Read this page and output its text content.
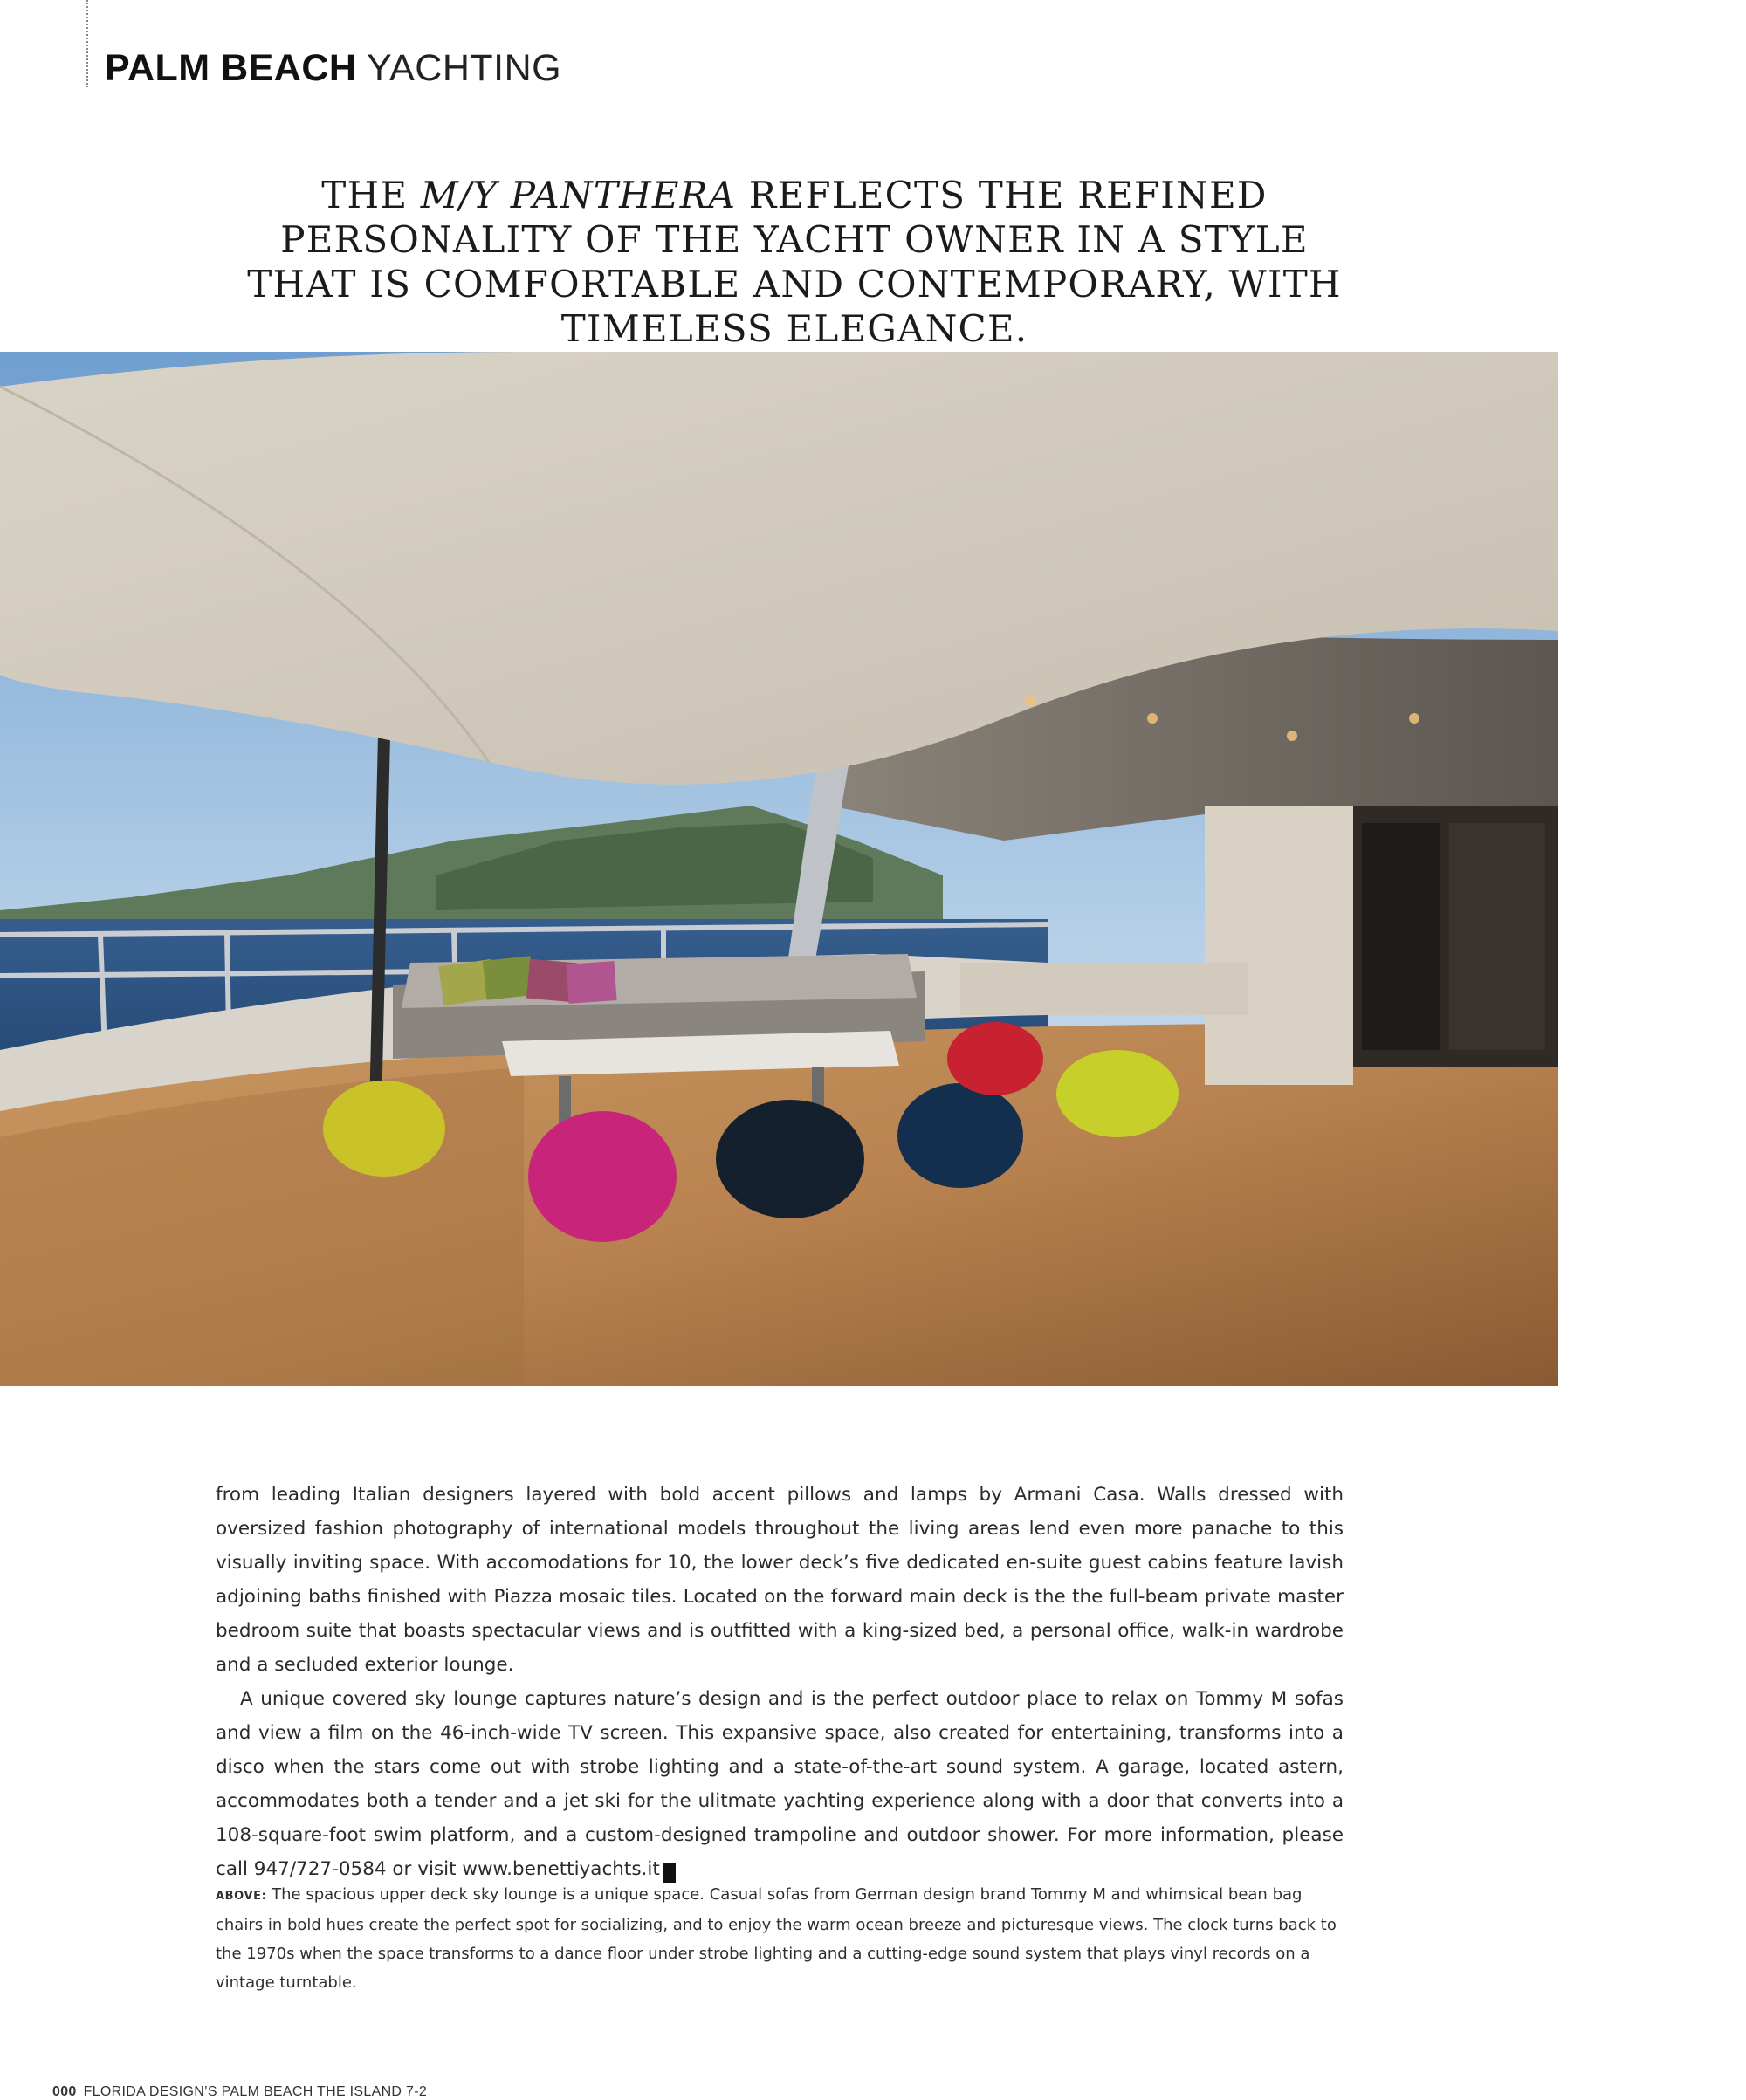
PALM BEACH YACHTING
THE M/Y PANTHERA REFLECTS THE REFINED PERSONALITY OF THE YACHT OWNER IN A STYLE THAT IS COMFORTABLE AND CONTEMPORARY, WITH TIMELESS ELEGANCE.

from leading Italian designers layered with bold accent pillows and lamps by Armani Casa. Walls dressed with oversized fashion photography of international models throughout the living areas lend even more panache to this visually inviting space. With accomodations for 10, the lower deck’s five dedicated en-suite guest cabins feature lavish adjoining baths finished with Piazza mosaic tiles. Located on the forward main deck is the the full-beam private master bedroom suite that boasts spectacular views and is outfitted with a king-sized bed, a personal office, walk-in wardrobe and a secluded exterior lounge.

A unique covered sky lounge captures nature’s design and is the perfect outdoor place to relax on Tommy M sofas and view a film on the 46-inch-wide TV screen. This expansive space, also created for entertaining, transforms into a disco when the stars come out with strobe lighting and a state-of-the-art sound system. A garage, located astern, accommodates both a tender and a jet ski for the ulitmate yachting experience along with a door that converts into a 108-square-foot swim platform, and a custom-designed trampoline and outdoor shower. For more information, please call 947/727-0584 or visit www.benettiyachts.it i

ABOVE: The spacious upper deck sky lounge is a unique space. Casual sofas from German design brand Tommy M and whimsical bean bag chairs in bold hues create the perfect spot for socializing, and to enjoy the warm ocean breeze and picturesque views. The clock turns back to the 1970s when the space transforms to a dance floor under strobe lighting and a cutting-edge sound system that plays vinyl records on a vintage turntable.
000 FLORIDA DESIGN’S PALM BEACH THE ISLAND 7-2
